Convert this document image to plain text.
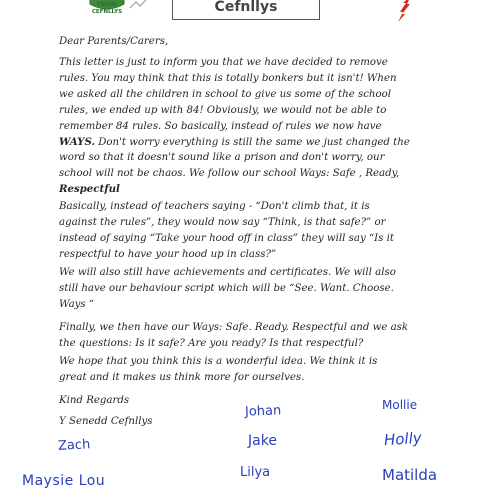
YSGOL
CEFNLLYS	Cefnllys
Dear Parents/Carers,
This letter is just to inform you that we have decided to remove
rules. You may think that this is totally bonkers but it isn't! When
we asked all the children in school to give us some of the school
rules, we ended up with 84! Obviously, we would not be able to
remember 84 rules. So basically, instead of rules we now have
WAYS. Don't worry everything is still the same we just changed the
word so that it doesn't sound like a prison and don't worry, our
school will not be chaos. We follow our school Ways: Safe , Ready,
Respectful
Basically, instead of teachers saying - “Don't climb that, it is
against the rules”, they would now say “Think, is that safe?” or
instead of saying “Take your hood off in class” they will say “Is it
respectful to have your hood up in class?”
We will also still have achievements and certificates. We will also
still have our behaviour script which will be “See. Want. Choose.
Ways “
Finally, we then have our Ways: Safe. Ready. Respectful and we ask
the questions: Is it safe? Are you ready? Is that respectful?
We hope that you think this is a wonderful idea. We think it is
great and it makes us think more for ourselves.
Kind Regards
Y Senedd Cefnllys
Johan	Mollie
Zach	Jake	Holly
Maysie Lou
Lilya	Matilda
